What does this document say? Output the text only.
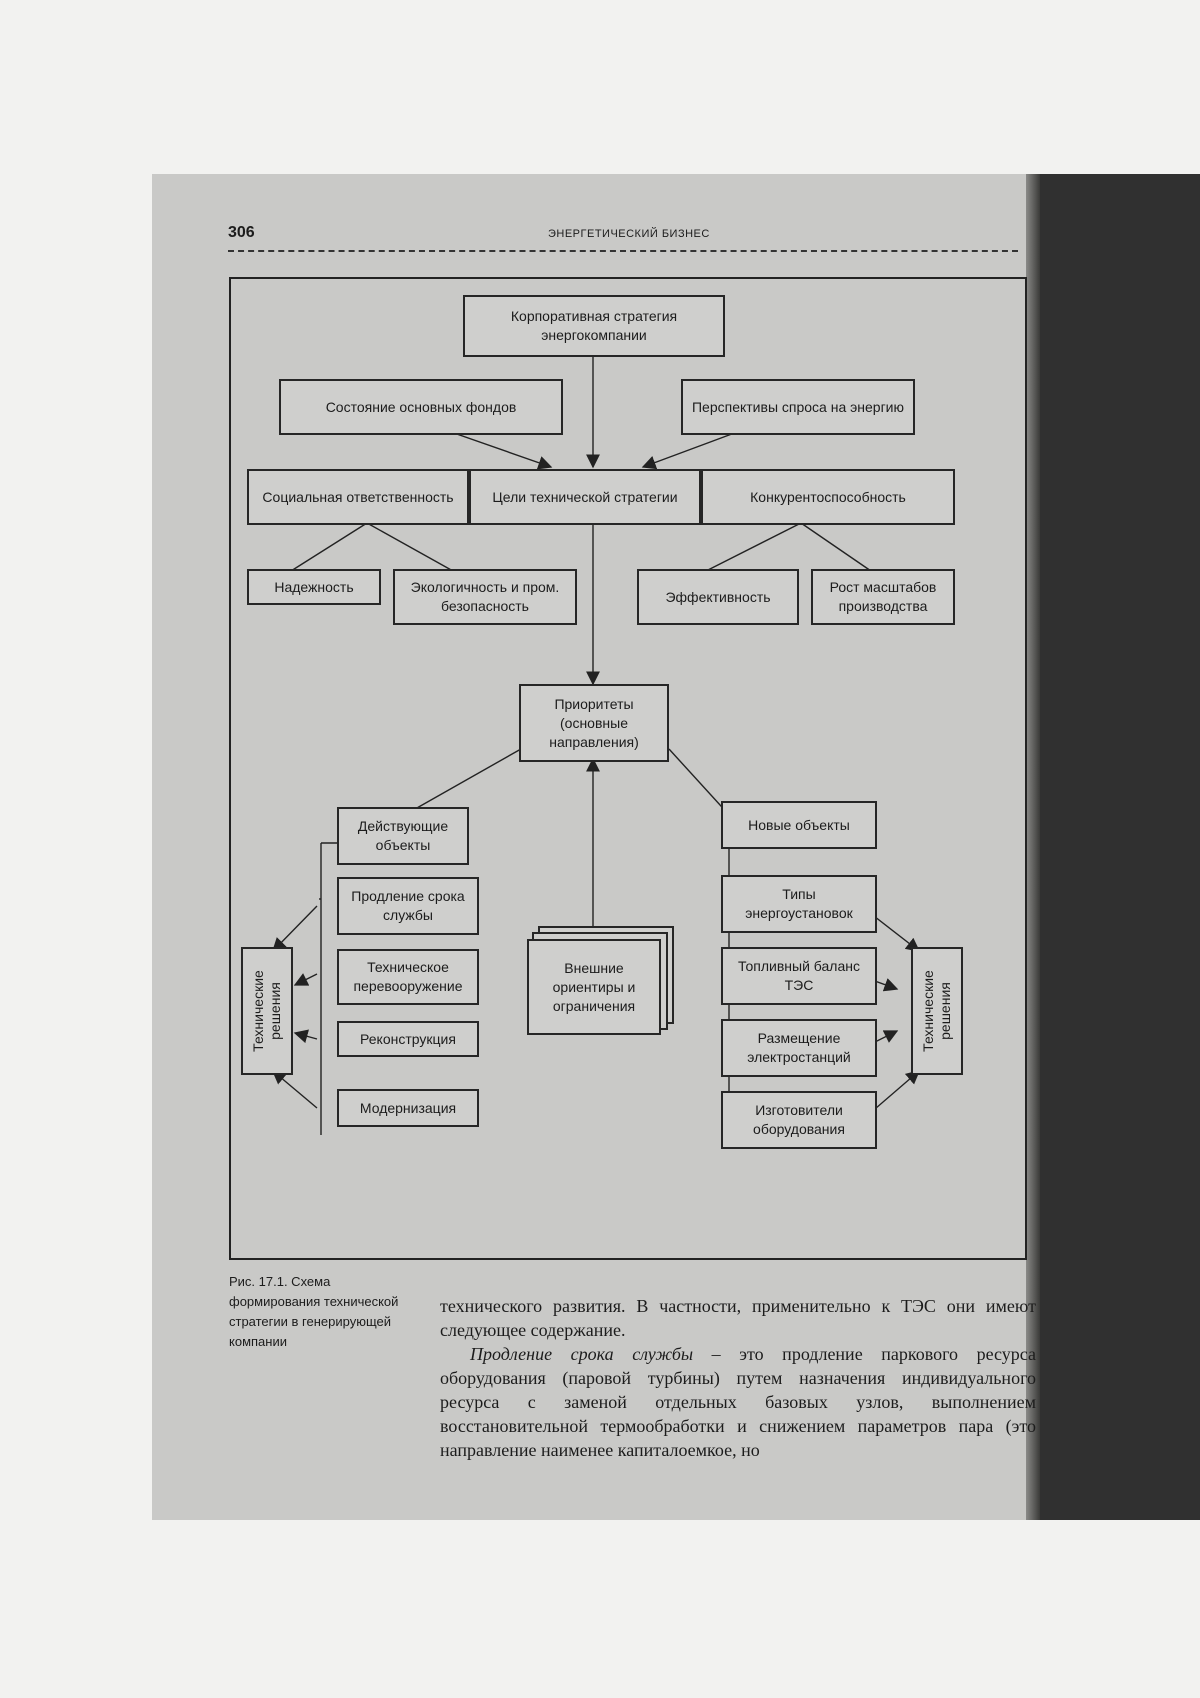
306	ЭНЕРГЕТИЧЕСКИЙ БИЗНЕС
Корпоративная стратегия энергокомпании
Состояние основных фондов	Перспективы спроса на энергию
Социальная ответственность	Цели технической стратегии	Конкурентоспособность
Надежность	Экологичность и пром. безопасность
Эффективность
Рост масштабов производства
Приоритеты (основные направления)
Действующие объекты
Новые объекты
Продление срока службы
Техническое перевооружение
Реконструкция
Модернизация
Внешние ориентиры и ограничения
Типы энергоустановок
Топливный баланс ТЭС
Размещение электростанций
Изготовители оборудования
Технические решения	Технические решения
Рис. 17.1. Схема формирования технической стратегии в генерирующей компании

технического развития. В частности, применительно к ТЭС они имеют следующее содержание.

Продление срока службы – это продление паркового ресурса оборудования (паровой турбины) путем назначения индивидуального ресурса с заменой отдельных базовых узлов, выполнением восстановительной термообработки и снижением параметров пара (это направление наименее капиталоемкое, но
